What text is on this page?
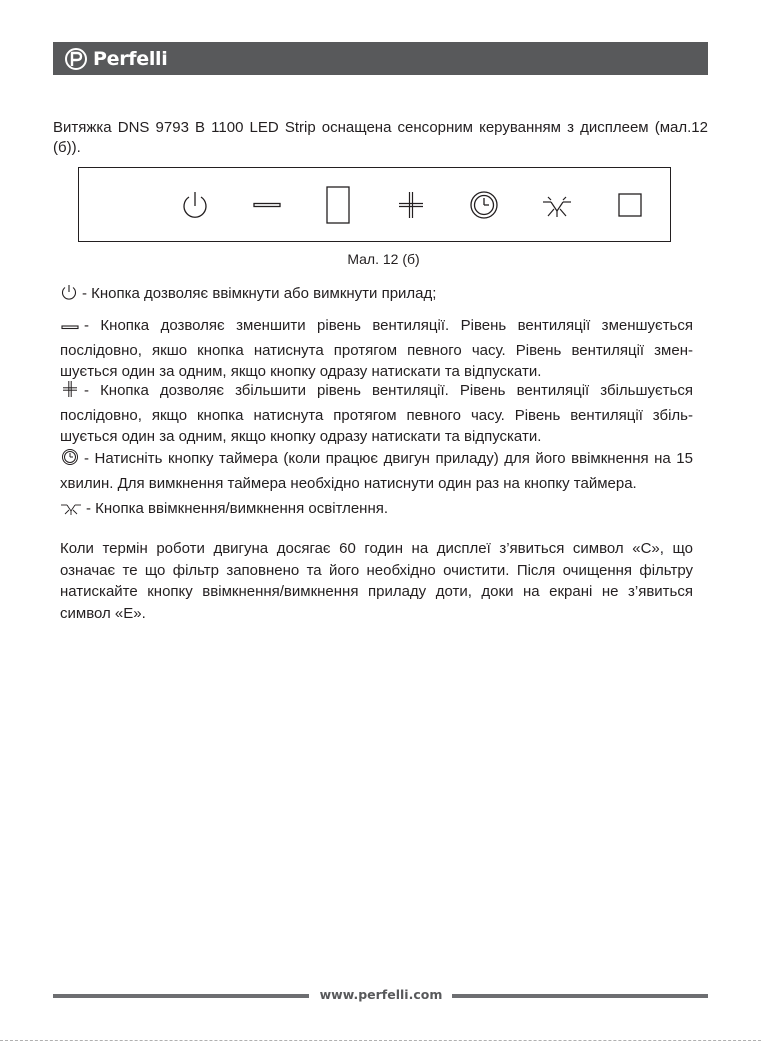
Perfelli

Витяжка DNS 9793 B 1100 LED Strip оснащена сенсорним керуванням з дисплеем (мал.12 (б)).

Мал. 12 (б)

- Кнопка дозволяє ввімкнути або вимкнути прилад;

- Кнопка дозволяє зменшити рівень вентиляції. Рівень вентиляції зменшується послідовно, якшо кнопка натиснута протягом певного часу. Рівень вентиляції змен-шується один за одним, якщо кнопку одразу натискати та відпускати.

- Кнопка дозволяє збільшити рівень вентиляції. Рівень вентиляції збільшується послідовно, якщо кнопка натиснута протягом певного часу. Рівень вентиляції збіль-шується один за одним, якщо кнопку одразу натискати та відпускати.

- Натисніть кнопку таймера (коли працює двигун приладу) для його ввімкнення на 15 хвилин. Для вимкнення таймера необхідно натиснути один раз на кнопку таймера.

- Кнопка ввімкнення/вимкнення освітлення.

Коли термін роботи двигуна досягає 60 годин на дисплеї з’явиться символ «С», що означає те що фільтр заповнено та його необхідно очистити. Після очищення фільтру натискайте кнопку ввімкнення/вимкнення приладу доти, доки на екрані не з’явиться символ «Е».

www.perfelli.com
